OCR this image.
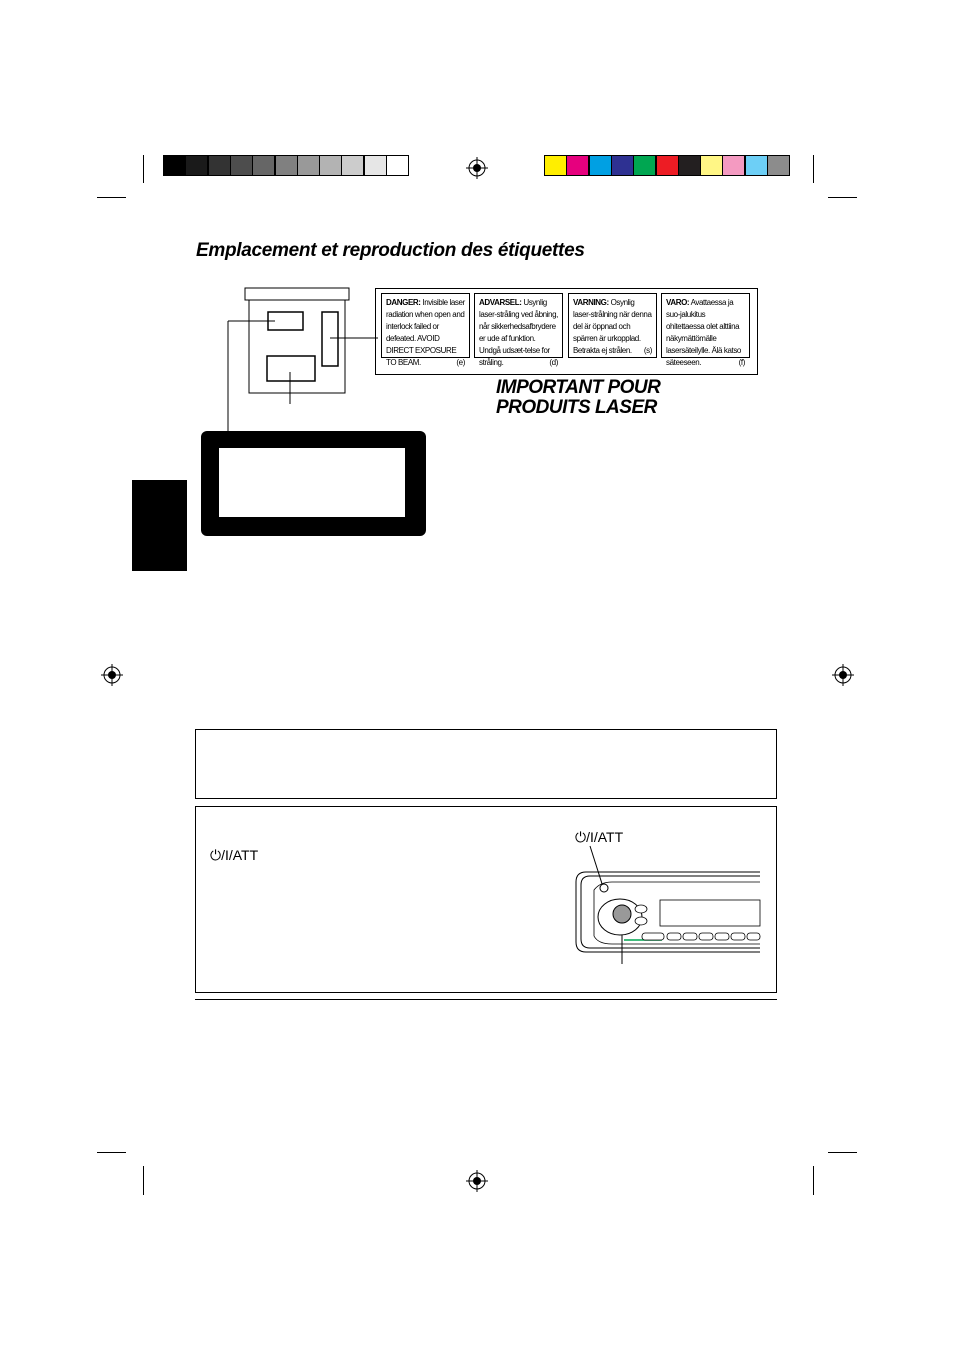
Emplacement et reproduction des étiquettes
DANGER: Invisible laser radiation when open and interlock failed or defeated. AVOID DIRECT EXPOSURE TO BEAM.	(e)
ADVARSEL: Usynlig laser-stråling ved åbning, når sikkerhedsafbrydere er ude af funktion. Undgå udsæt-telse for stråling.	(d)
VARNING: Osynlig laser-strålning när denna del är öppnad och spärren är urkopplad. Betrakta ej strålen. (s)
VARO: Avattaessa ja suo-jalukitus ohitettaessa olet alttiina näkymättömälle lasersäteilylle. Älä katso säteeseen.	(f)
IMPORTANT POUR
PRODUITS LASER
⏻/I/ATT
⏻/I/ATT
